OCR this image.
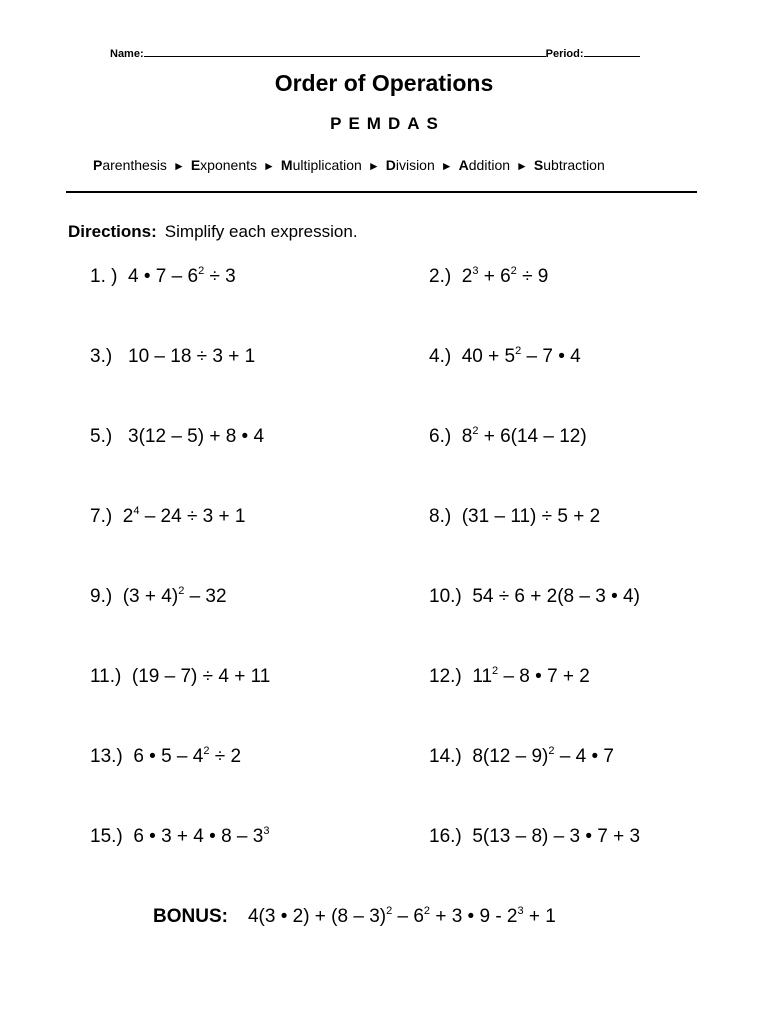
Name:	Period:
Order of Operations
PEMDAS
Parenthesis ► Exponents ► Multiplication ► Division ► Addition ► Subtraction
Directions: Simplify each expression.
1. )  4 • $7 - 6^2 \div 3$	2.)  $2^3 + 6^2 \div 9$
3.)   10 – 18 ÷ 3 + 1	4.)  $40 + 5^2 - 7$ • 4
5.)   3(12 – 5) + 8 • 4	6.)  $8^2 + 6(14 - 12)$
7.)  $2^4 - 24 \div 3 + 1$	8.)  (31 – 11) ÷ 5 + 2
9.)  $(3 + 4)^2 - 32$	10.)  54 ÷ 6 + 2(8 – 3 • 4)
11.)  (19 – 7) ÷ 4 + 11	12.)  $11^2 - 8$ • 7 + 2
13.)  6 • $5 - 4^2 \div 2$	14.)  8(12 – 9)$^2$ – 4 • 7
15.)  6 • 3 + 4 • $8 - 3^3$	16.)  5(13 – 8) – 3 • 7 + 3
BONUS: 4(3 • $2) + (8 - 3)^2 - 6^2 + 3$ • $9 - 2^3 + 1$
